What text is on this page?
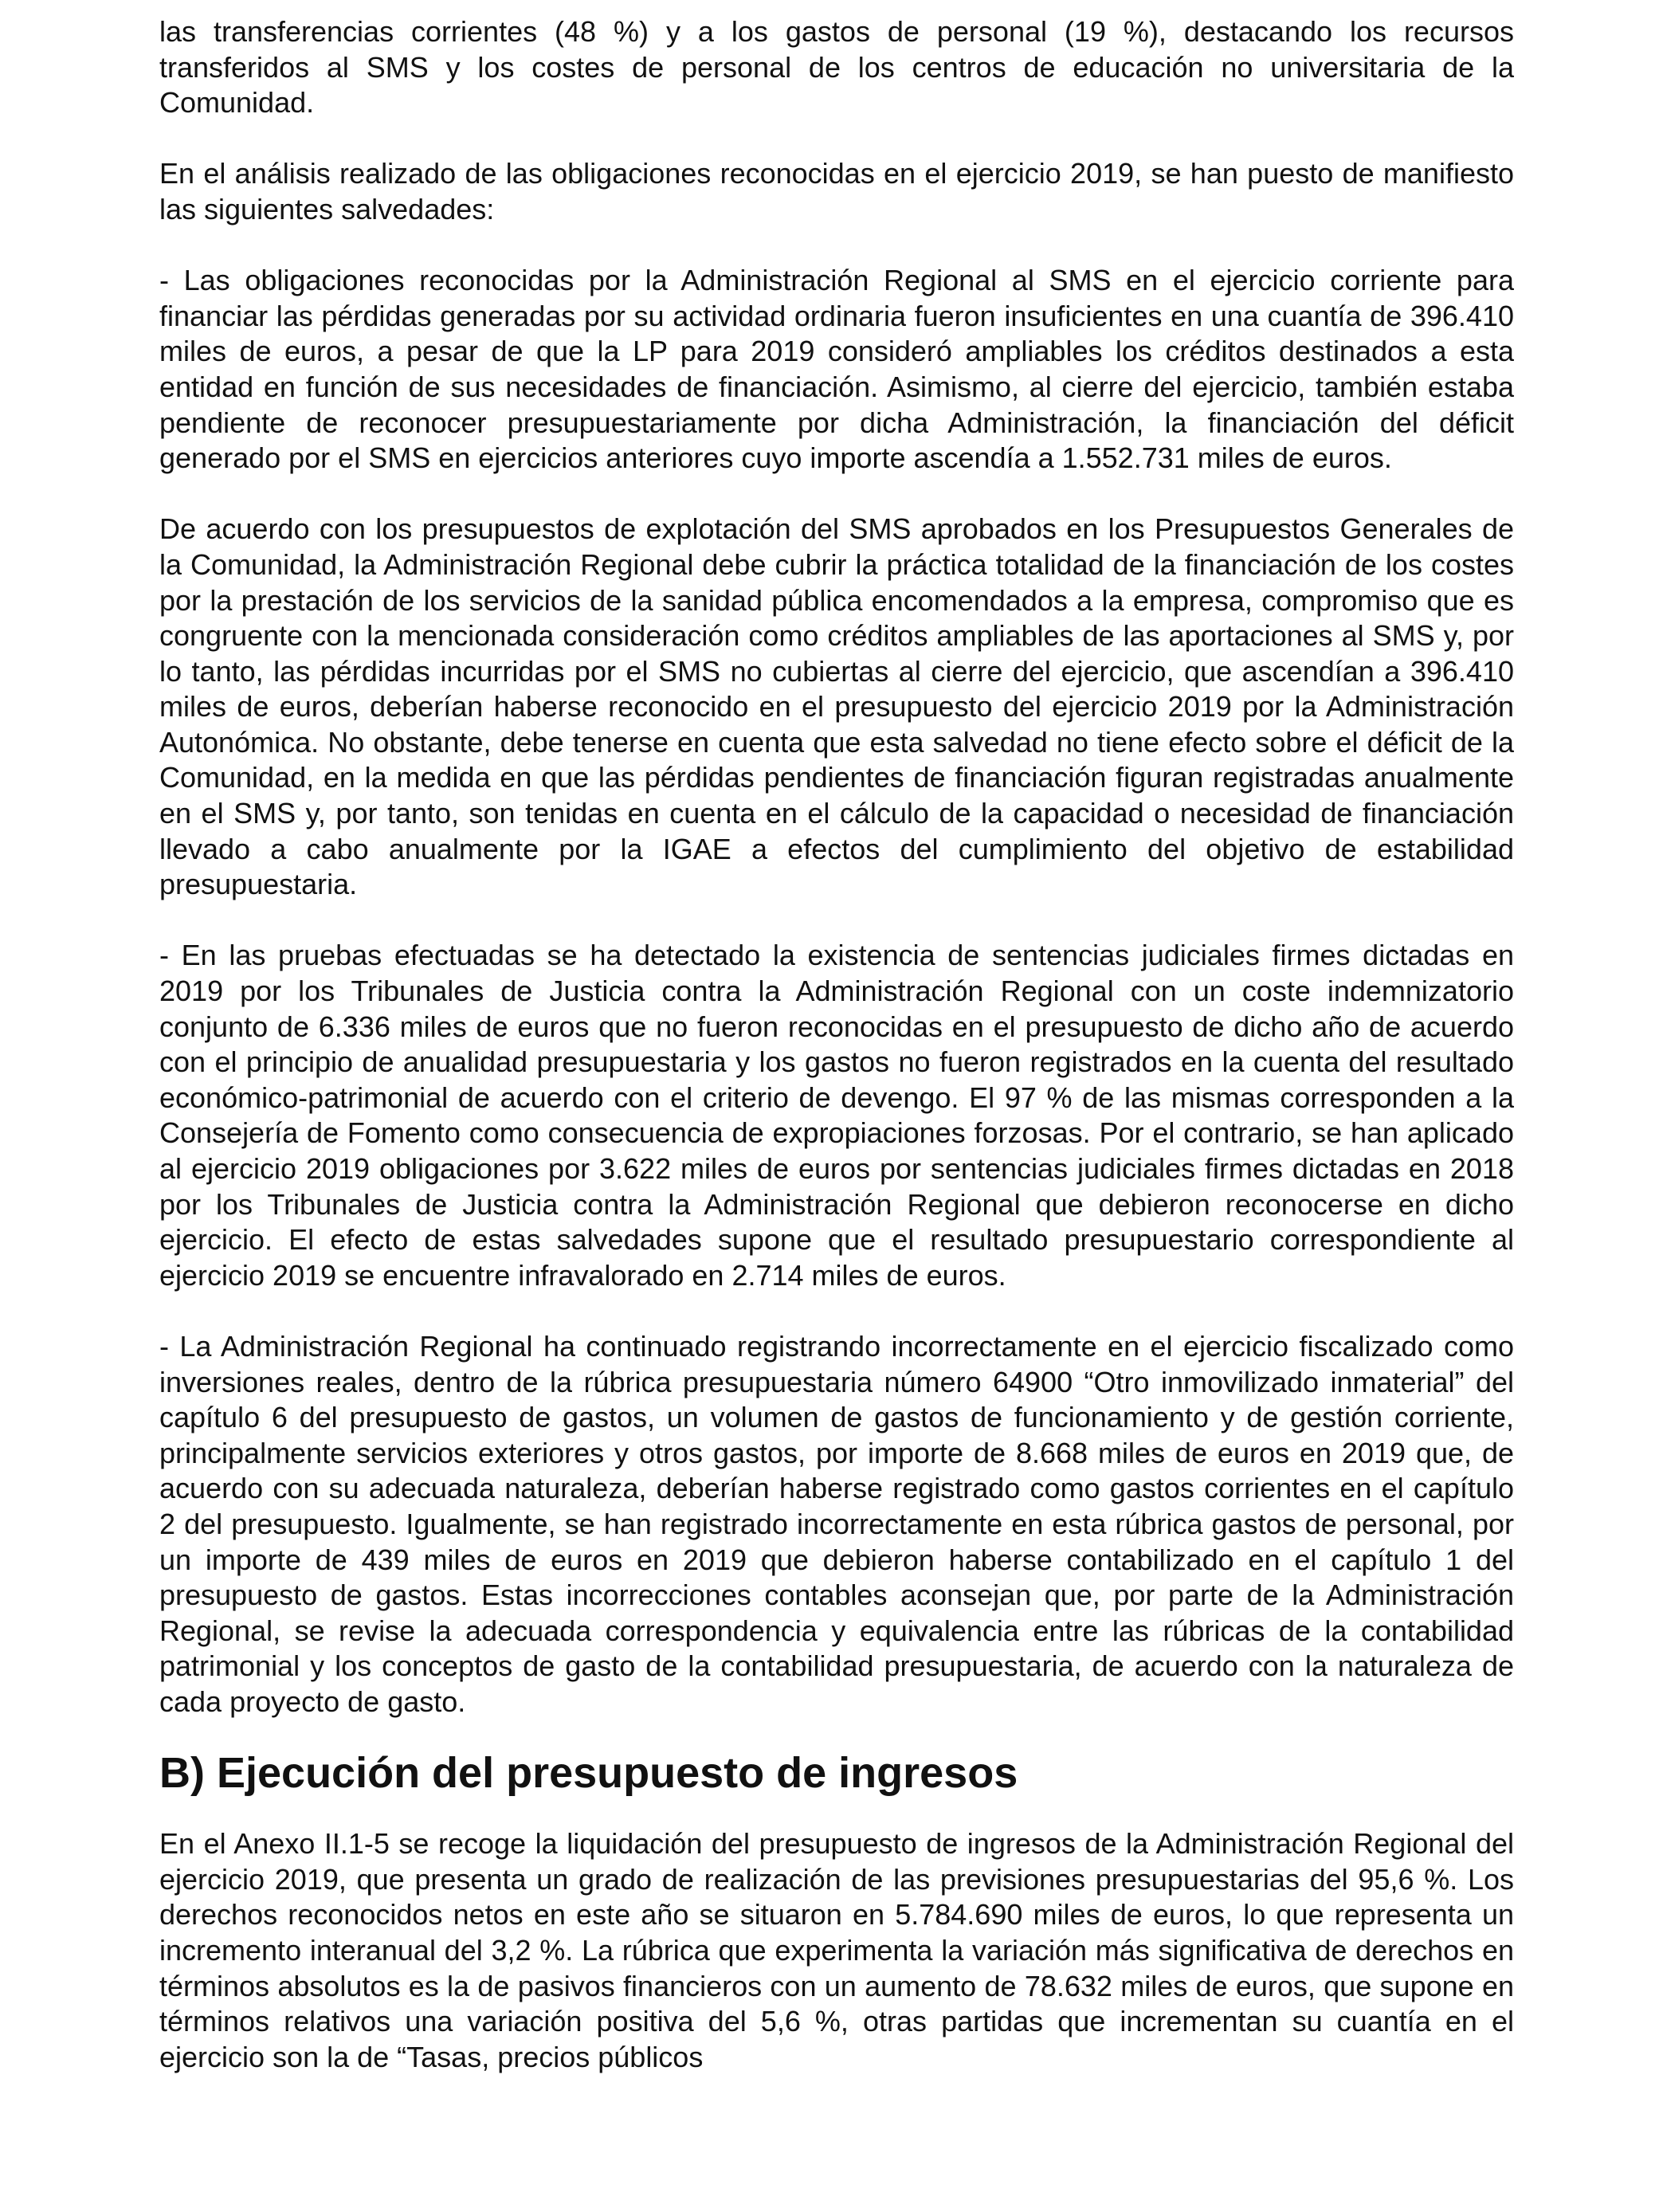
las transferencias corrientes (48 %) y a los gastos de personal (19 %), destacando los recursos transferidos al SMS y los costes de personal de los centros de educación no universitaria de la Comunidad.

En el análisis realizado de las obligaciones reconocidas en el ejercicio 2019, se han puesto de manifiesto las siguientes salvedades:

- Las obligaciones reconocidas por la Administración Regional al SMS en el ejercicio corriente para financiar las pérdidas generadas por su actividad ordinaria fueron insuficientes en una cuantía de 396.410 miles de euros, a pesar de que la LP para 2019 consideró ampliables los créditos destinados a esta entidad en función de sus necesidades de financiación. Asimismo, al cierre del ejercicio, también estaba pendiente de reconocer presupuestariamente por dicha Administración, la financiación del déficit generado por el SMS en ejercicios anteriores cuyo importe ascendía a 1.552.731 miles de euros.

De acuerdo con los presupuestos de explotación del SMS aprobados en los Presupuestos Generales de la Comunidad, la Administración Regional debe cubrir la práctica totalidad de la financiación de los costes por la prestación de los servicios de la sanidad pública encomendados a la empresa, compromiso que es congruente con la mencionada consideración como créditos ampliables de las aportaciones al SMS y, por lo tanto, las pérdidas incurridas por el SMS no cubiertas al cierre del ejercicio, que ascendían a 396.410 miles de euros, deberían haberse reconocido en el presupuesto del ejercicio 2019 por la Administración Autonómica. No obstante, debe tenerse en cuenta que esta salvedad no tiene efecto sobre el déficit de la Comunidad, en la medida en que las pérdidas pendientes de financiación figuran registradas anualmente en el SMS y, por tanto, son tenidas en cuenta en el cálculo de la capacidad o necesidad de financiación llevado a cabo anualmente por la IGAE a efectos del cumplimiento del objetivo de estabilidad presupuestaria.

- En las pruebas efectuadas se ha detectado la existencia de sentencias judiciales firmes dictadas en 2019 por los Tribunales de Justicia contra la Administración Regional con un coste indemnizatorio conjunto de 6.336 miles de euros que no fueron reconocidas en el presupuesto de dicho año de acuerdo con el principio de anualidad presupuestaria y los gastos no fueron registrados en la cuenta del resultado económico-patrimonial de acuerdo con el criterio de devengo. El 97 % de las mismas corresponden a la Consejería de Fomento como consecuencia de expropiaciones forzosas. Por el contrario, se han aplicado al ejercicio 2019 obligaciones por 3.622 miles de euros por sentencias judiciales firmes dictadas en 2018 por los Tribunales de Justicia contra la Administración Regional que debieron reconocerse en dicho ejercicio. El efecto de estas salvedades supone que el resultado presupuestario correspondiente al ejercicio 2019 se encuentre infravalorado en 2.714 miles de euros.

- La Administración Regional ha continuado registrando incorrectamente en el ejercicio fiscalizado como inversiones reales, dentro de la rúbrica presupuestaria número 64900 “Otro inmovilizado inmaterial” del capítulo 6 del presupuesto de gastos, un volumen de gastos de funcionamiento y de gestión corriente, principalmente servicios exteriores y otros gastos, por importe de 8.668 miles de euros en 2019 que, de acuerdo con su adecuada naturaleza, deberían haberse registrado como gastos corrientes en el capítulo 2 del presupuesto. Igualmente, se han registrado incorrectamente en esta rúbrica gastos de personal, por un importe de 439 miles de euros en 2019 que debieron haberse contabilizado en el capítulo 1 del presupuesto de gastos. Estas incorrecciones contables aconsejan que, por parte de la Administración Regional, se revise la adecuada correspondencia y equivalencia entre las rúbricas de la contabilidad patrimonial y los conceptos de gasto de la contabilidad presupuestaria, de acuerdo con la naturaleza de cada proyecto de gasto.

B) Ejecución del presupuesto de ingresos

En el Anexo II.1-5 se recoge la liquidación del presupuesto de ingresos de la Administración Regional del ejercicio 2019, que presenta un grado de realización de las previsiones presupuestarias del 95,6 %. Los derechos reconocidos netos en este año se situaron en 5.784.690 miles de euros, lo que representa un incremento interanual del 3,2 %. La rúbrica que experimenta la variación más significativa de derechos en términos absolutos es la de pasivos financieros con un aumento de 78.632 miles de euros, que supone en términos relativos una variación positiva del 5,6 %, otras partidas que incrementan su cuantía en el ejercicio son la de “Tasas, precios públicos
